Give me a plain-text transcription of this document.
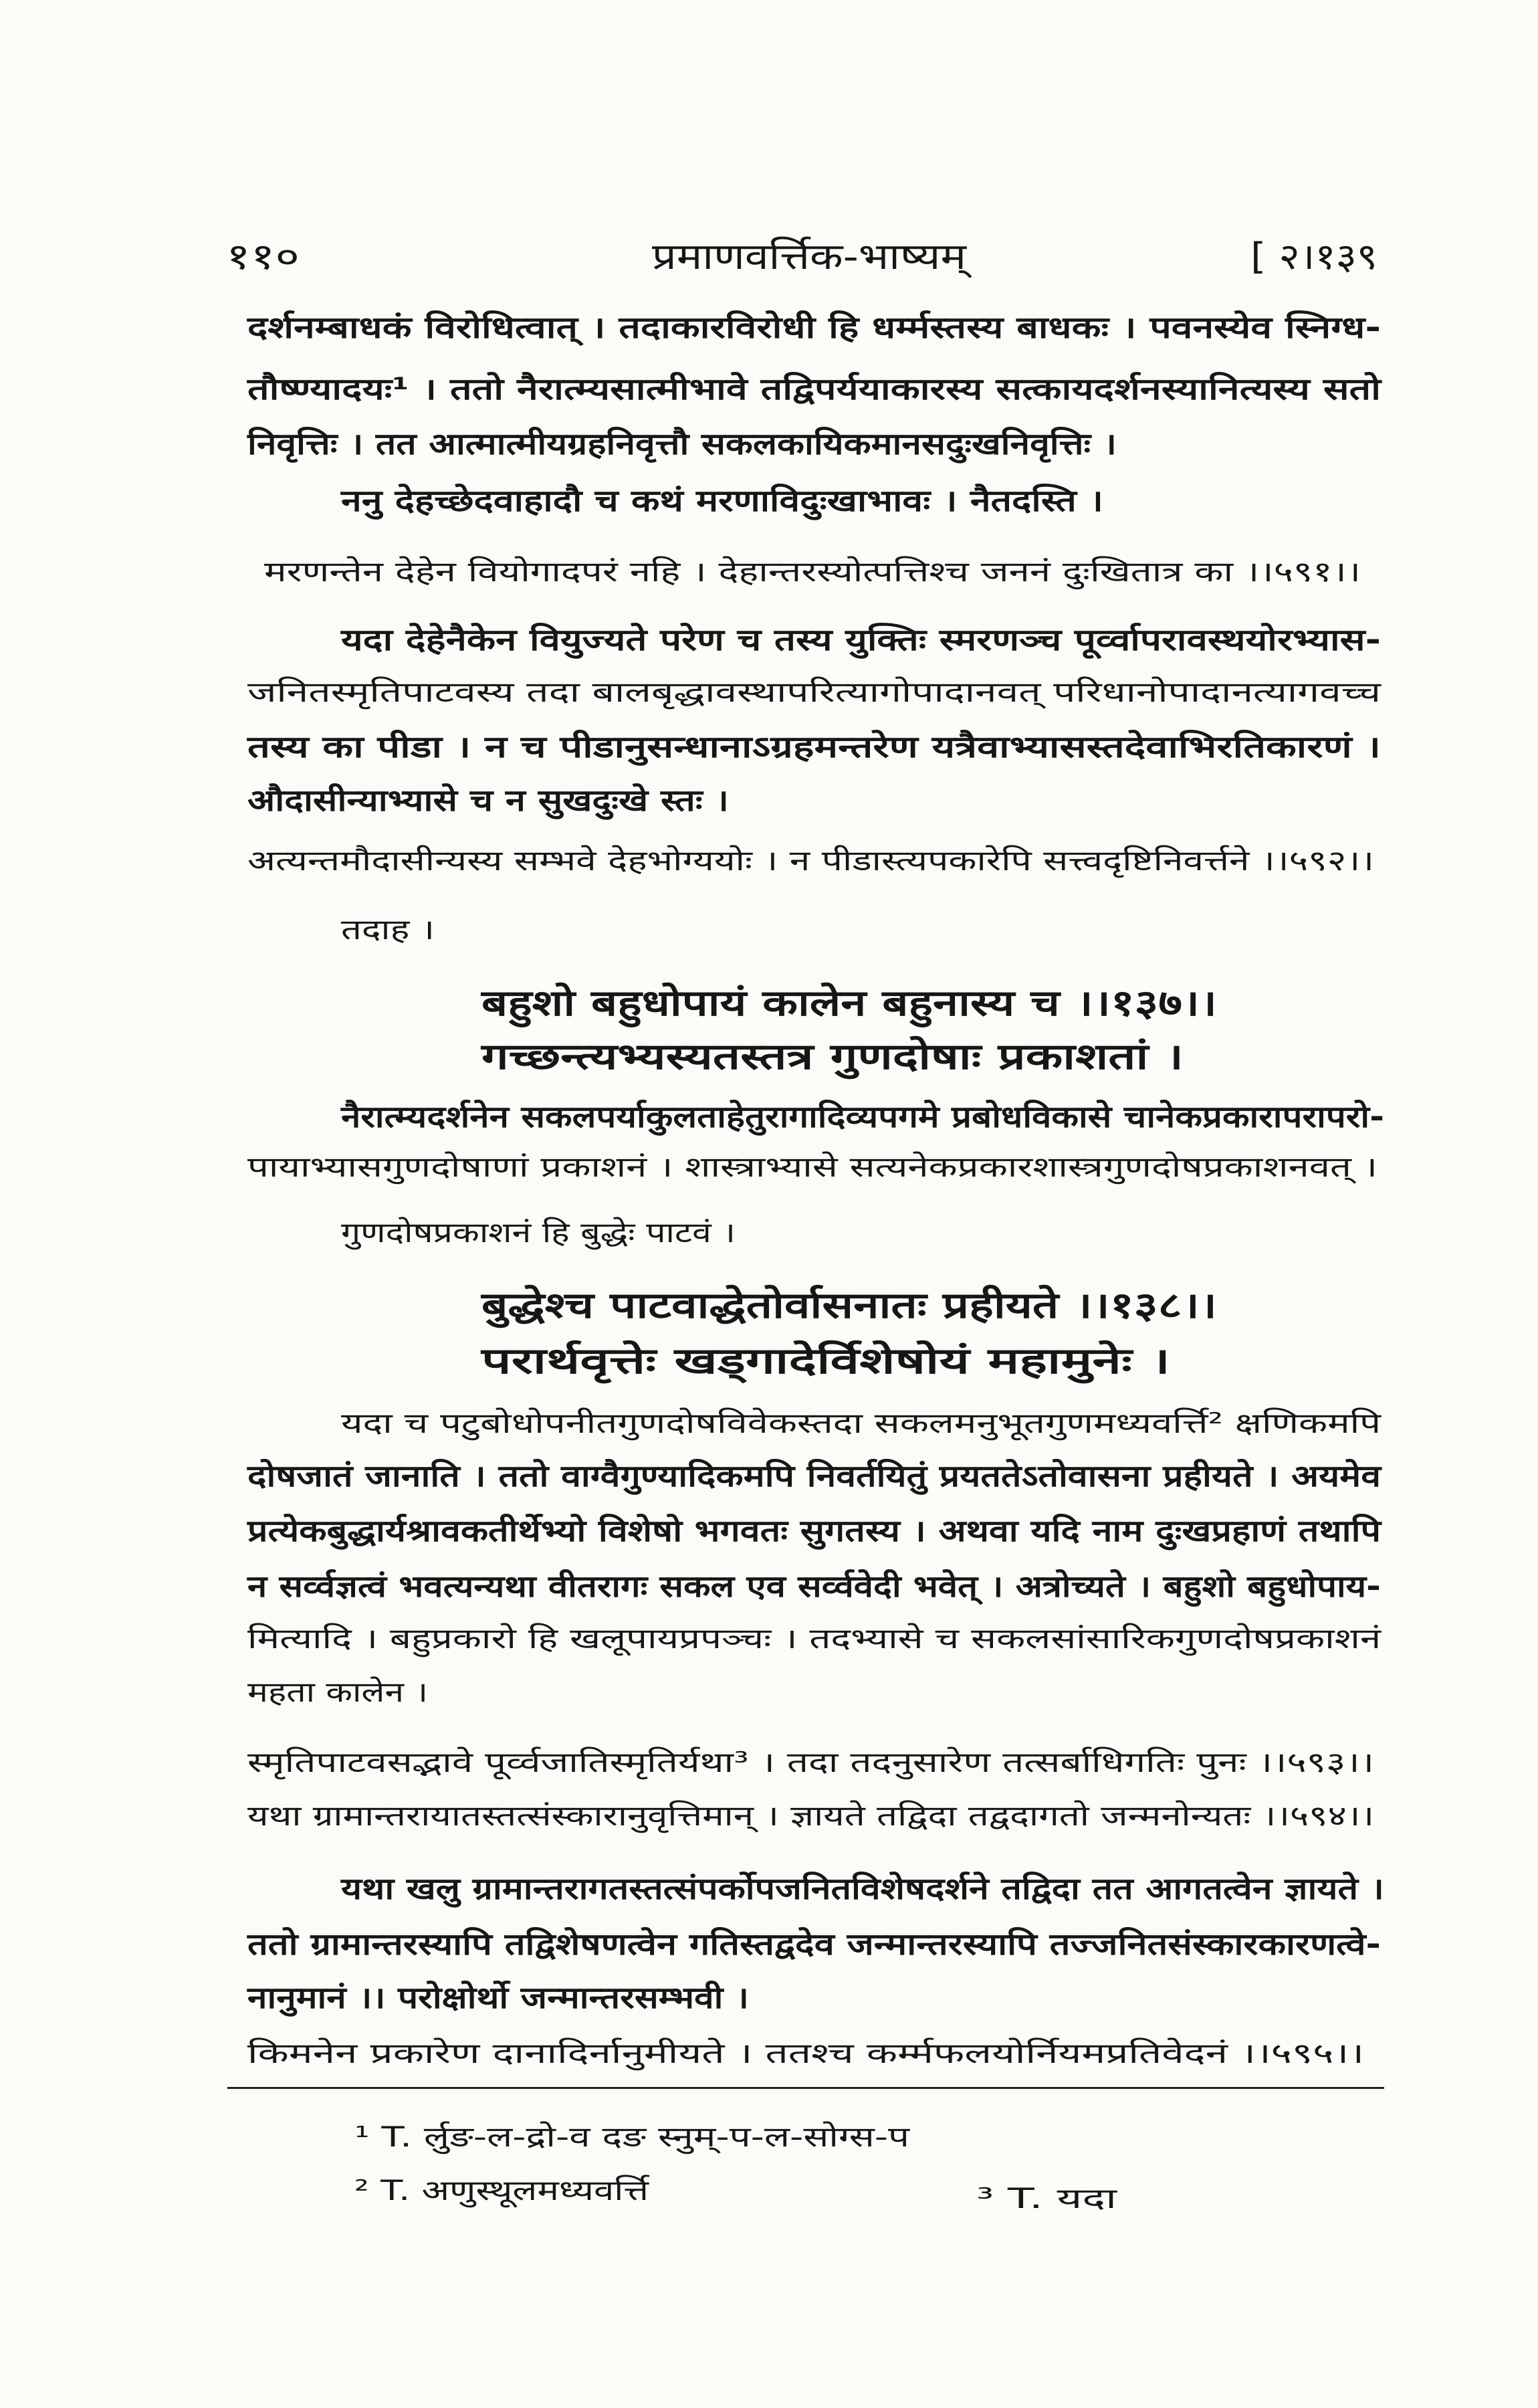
११०	प्रमाणवर्त्तिक-भाष्यम्	[ २।१३९
दर्शनम्बाधकं विरोधित्वात् । तदाकारविरोधी हि धर्म्मस्तस्य बाधकः । पवनस्येव स्निग्ध-
तौष्ण्यादयः¹ । ततो नैरात्म्यसात्मीभावे तद्विपर्ययाकारस्य सत्कायदर्शनस्यानित्यस्य सतो
निवृत्तिः । तत आत्मात्मीयग्रहनिवृत्तौ सकलकायिकमानसदुःखनिवृत्तिः ।
ननु देहच्छेदवाहादौ च कथं मरणाविदुःखाभावः । नैतदस्ति ।
मरणन्तेन देहेन वियोगादपरं नहि । देहान्तरस्योत्पत्तिश्च जननं दुःखितात्र का ।।५९१।।
यदा देहेनैकेन वियुज्यते परेण च तस्य युक्तिः स्मरणञ्च पूर्व्वापरावस्थयोरभ्यास-
जनितस्मृतिपाटवस्य तदा बालबृद्धावस्थापरित्यागोपादानवत् परिधानोपादानत्यागवच्च
तस्य का पीडा । न च पीडानुसन्धानाऽग्रहमन्तरेण यत्रैवाभ्यासस्तदेवाभिरतिकारणं ।
औदासीन्याभ्यासे च न सुखदुःखे स्तः ।
अत्यन्तमौदासीन्यस्य सम्भवे देहभोग्ययोः । न पीडास्त्यपकारेपि सत्त्वदृष्टिनिवर्त्तने ।।५९२।।
तदाह ।
बहुशो बहुधोपायं कालेन बहुनास्य च ।।१३७।।
गच्छन्त्यभ्यस्यतस्तत्र गुणदोषाः प्रकाशतां ।
नैरात्म्यदर्शनेन सकलपर्याकुलताहेतुरागादिव्यपगमे प्रबोधविकासे चानेकप्रकारापरापरो-
पायाभ्यासगुणदोषाणां प्रकाशनं । शास्त्राभ्यासे सत्यनेकप्रकारशास्त्रगुणदोषप्रकाशनवत् ।
गुणदोषप्रकाशनं हि बुद्धेः पाटवं ।
बुद्धेश्च पाटवाद्धेतोर्वासनातः प्रहीयते ।।१३८।।
परार्थवृत्तेः खड्गादेर्विशेषोयं महामुनेः ।
यदा च पटुबोधोपनीतगुणदोषविवेकस्तदा सकलमनुभूतगुणमध्यवर्त्ति² क्षणिकमपि
दोषजातं जानाति । ततो वाग्वैगुण्यादिकमपि निवर्तयितुं प्रयततेऽतोवासना प्रहीयते । अयमेव
प्रत्येकबुद्धार्यश्रावकतीर्थेभ्यो विशेषो भगवतः सुगतस्य । अथवा यदि नाम दुःखप्रहाणं तथापि
न सर्व्वज्ञत्वं भवत्यन्यथा वीतरागः सकल एव सर्व्ववेदी भवेत् । अत्रोच्यते । बहुशो बहुधोपाय-
मित्यादि । बहुप्रकारो हि खलूपायप्रपञ्चः । तदभ्यासे च सकलसांसारिकगुणदोषप्रकाशनं
महता कालेन ।
स्मृतिपाटवसद्भावे पूर्व्वजातिस्मृतिर्यथा³ । तदा तदनुसारेण तत्सर्बाधिगतिः पुनः ।।५९३।।
यथा ग्रामान्तरायातस्तत्संस्कारानुवृत्तिमान् । ज्ञायते तद्विदा तद्वदागतो जन्मनोन्यतः ।।५९४।।
यथा खलु ग्रामान्तरागतस्तत्संपर्कोपजनितविशेषदर्शने तद्विदा तत आगतत्वेन ज्ञायते ।
ततो ग्रामान्तरस्यापि तद्विशेषणत्वेन गतिस्तद्वदेव जन्मान्तरस्यापि तज्जनितसंस्कारकारणत्वे-
नानुमानं ।। परोक्षोर्थो जन्मान्तरसम्भवी ।
किमनेन प्रकारेण दानादिर्नानुमीयते । ततश्च कर्म्मफलयोर्नियमप्रतिवेदनं ।।५९५।।
¹ T. र्लुङ-ल-द्रो-व दङ स्नुम्-प-ल-सोग्स-प
² T. अणुस्थूलमध्यवर्त्ति	³ T. यदा
